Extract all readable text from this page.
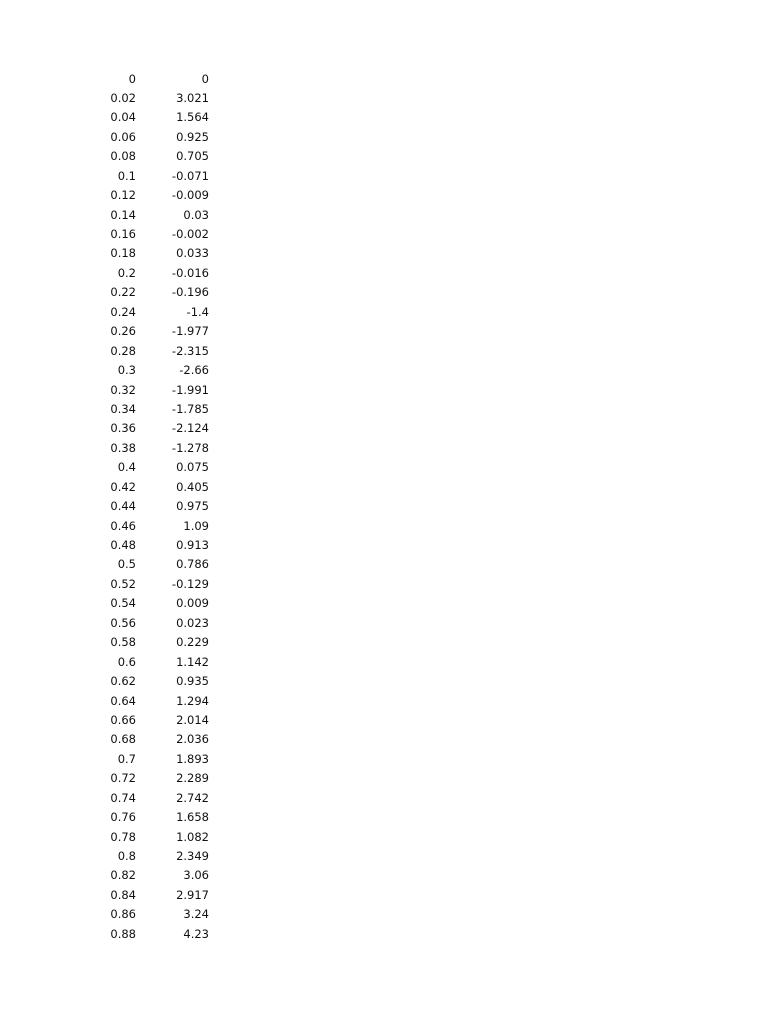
0	0
0.02	3.021
0.04	1.564
0.06	0.925
0.08	0.705
0.1	-0.071
0.12	-0.009
0.14	0.03
0.16	-0.002
0.18	0.033
0.2	-0.016
0.22	-0.196
0.24	-1.4
0.26	-1.977
0.28	-2.315
0.3	-2.66
0.32	-1.991
0.34	-1.785
0.36	-2.124
0.38	-1.278
0.4	0.075
0.42	0.405
0.44	0.975
0.46	1.09
0.48	0.913
0.5	0.786
0.52	-0.129
0.54	0.009
0.56	0.023
0.58	0.229
0.6	1.142
0.62	0.935
0.64	1.294
0.66	2.014
0.68	2.036
0.7	1.893
0.72	2.289
0.74	2.742
0.76	1.658
0.78	1.082
0.8	2.349
0.82	3.06
0.84	2.917
0.86	3.24
0.88	4.23
